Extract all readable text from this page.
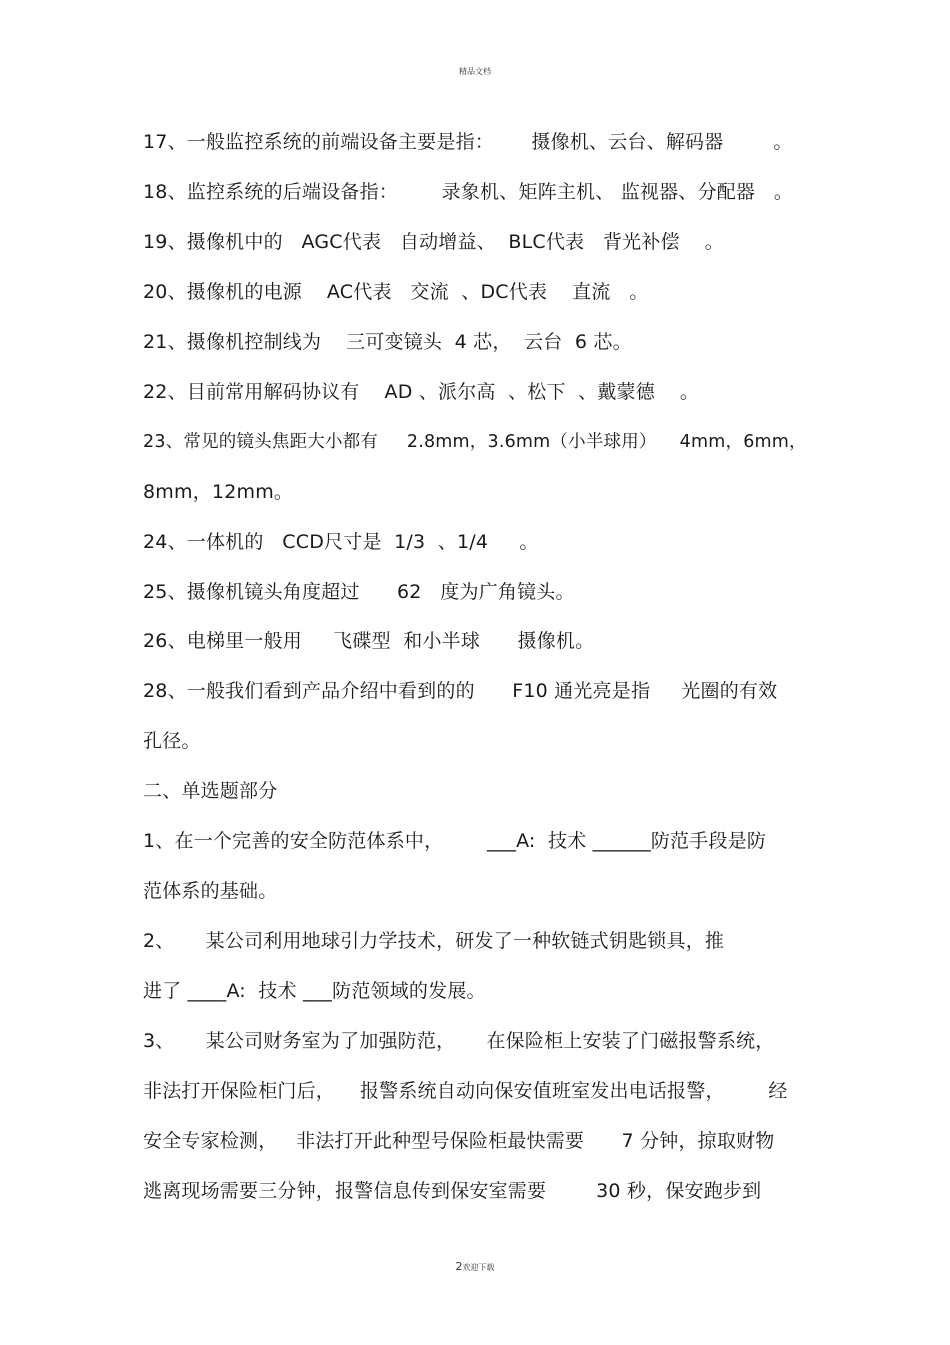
精品文档
17、一般监控系统的前端设备主要是指：      摄像机、云台、解码器        。
18、监控系统的后端设备指：       录象机、矩阵主机、 监视器、分配器   。
19、摄像机中的   AGC代表   自动增益、  BLC代表   背光补偿    。
20、摄像机的电源    AC代表   交流  、DC代表    直流   。
21、摄像机控制线为    三可变镜头  4 芯，  云台  6 芯。
22、目前常用解码协议有    AD 、派尔高  、松下  、戴蒙德    。
23、常见的镜头焦距大小都有     2.8mm，3.6mm（小半球用）    4mm，6mm，
8mm，12mm。
24、一体机的   CCD尺寸是  1/3  、1/4     。
25、摄像机镜头角度超过      62   度为广角镜头。
26、电梯里一般用     飞碟型  和小半球      摄像机。
28、一般我们看到产品介绍中看到的的      F10 通光亮是指     光圈的有效
孔径。
二、单选题部分
1、在一个完善的安全防范体系中，       ___A:  技术 ______防范手段是防
范体系的基础。
2、     某公司利用地球引力学技术，研发了一种软链式钥匙锁具，推
进了 ____A:  技术 ___防范领域的发展。
3、     某公司财务室为了加强防范，     在保险柜上安装了门磁报警系统，
非法打开保险柜门后，    报警系统自动向保安值班室发出电话报警，       经
安全专家检测，   非法打开此种型号保险柜最快需要      7 分钟，掠取财物
逃离现场需要三分钟，报警信息传到保安室需要        30 秒，保安跑步到
2欢迎下载
